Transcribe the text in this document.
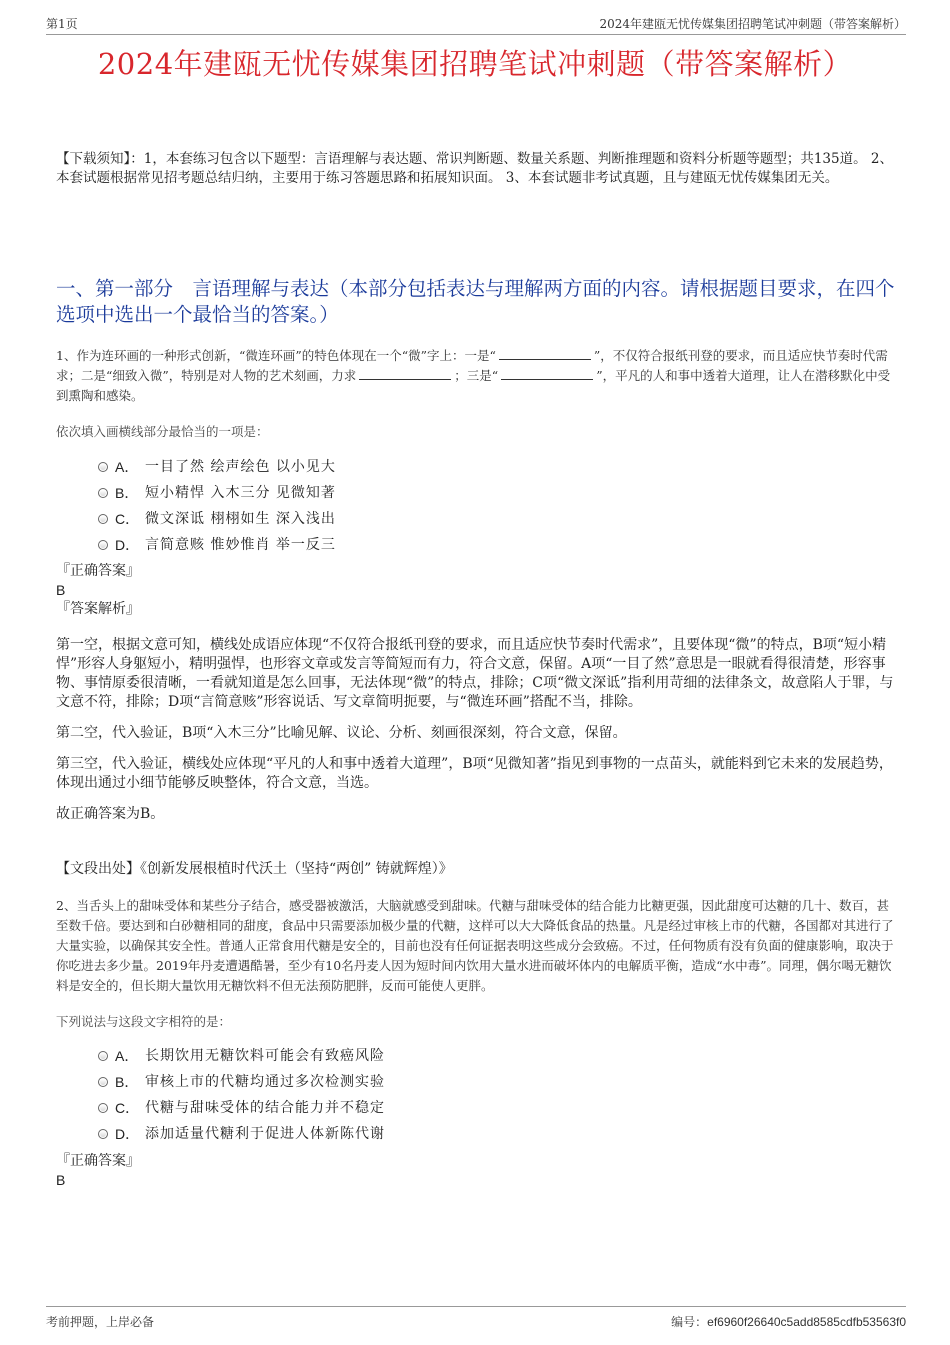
第1页	2024年建瓯无忧传媒集团招聘笔试冲刺题（带答案解析）
2024年建瓯无忧传媒集团招聘笔试冲刺题（带答案解析）
【下载须知】：1，本套练习包含以下题型：言语理解与表达题、常识判断题、数量关系题、判断推理题和资料分析题等题型；共135道。 2、本套试题根据常见招考题总结归纳，主要用于练习答题思路和拓展知识面。 3、本套试题非考试真题，且与建瓯无忧传媒集团无关。
一、第一部分　言语理解与表达（本部分包括表达与理解两方面的内容。请根据题目要求，在四个选项中选出一个最恰当的答案。）

1、作为连环画的一种形式创新，“微连环画”的特色体现在一个“微”字上：一是“	”，不仅符合报纸刊登的要求，而且适应快节奏时代需求；二是“细致入微”，特别是对人物的艺术刻画，力求	；三是“	”，平凡的人和事中透着大道理，让人在潜移默化中受到熏陶和感染。

依次填入画横线部分最恰当的一项是：

A． 一目了然 绘声绘色 以小见大
B． 短小精悍 入木三分 见微知著
C． 微文深诋 栩栩如生 深入浅出
D． 言简意赅 惟妙惟肖 举一反三

『正确答案』

B

『答案解析』

第一空，根据文意可知，横线处成语应体现“不仅符合报纸刊登的要求，而且适应快节奏时代需求”，且要体现“微”的特点，B项“短小精悍”形容人身躯短小，精明强悍，也形容文章或发言等简短而有力，符合文意，保留。A项“一目了然”意思是一眼就看得很清楚，形容事物、事情原委很清晰，一看就知道是怎么回事，无法体现“微”的特点，排除；C项“微文深诋”指利用苛细的法律条文，故意陷人于罪，与文意不符，排除；D项“言简意赅”形容说话、写文章简明扼要，与“微连环画”搭配不当，排除。

第二空，代入验证，B项“入木三分”比喻见解、议论、分析、刻画很深刻，符合文意，保留。

第三空，代入验证，横线处应体现“平凡的人和事中透着大道理”，B项“见微知著”指见到事物的一点苗头，就能料到它未来的发展趋势，体现出通过小细节能够反映整体，符合文意，当选。

故正确答案为B。

【文段出处】《创新发展根植时代沃土（坚持“两创” 铸就辉煌）》

2、当舌头上的甜味受体和某些分子结合，感受器被激活，大脑就感受到甜味。代糖与甜味受体的结合能力比糖更强，因此甜度可达糖的几十、数百，甚至数千倍。要达到和白砂糖相同的甜度，食品中只需要添加极少量的代糖，这样可以大大降低食品的热量。凡是经过审核上市的代糖，各国都对其进行了大量实验，以确保其安全性。普通人正常食用代糖是安全的，目前也没有任何证据表明这些成分会致癌。不过，任何物质有没有负面的健康影响，取决于你吃进去多少量。2019年丹麦遭遇酷暑，至少有10名丹麦人因为短时间内饮用大量水进而破坏体内的电解质平衡，造成“水中毒”。同理，偶尔喝无糖饮料是安全的，但长期大量饮用无糖饮料不但无法预防肥胖，反而可能使人更胖。

下列说法与这段文字相符的是：

A． 长期饮用无糖饮料可能会有致癌风险
B． 审核上市的代糖均通过多次检测实验
C． 代糖与甜味受体的结合能力并不稳定
D． 添加适量代糖利于促进人体新陈代谢

『正确答案』

B

考前押题，上岸必备	编号：ef6960f26640c5add8585cdfb53563f0
